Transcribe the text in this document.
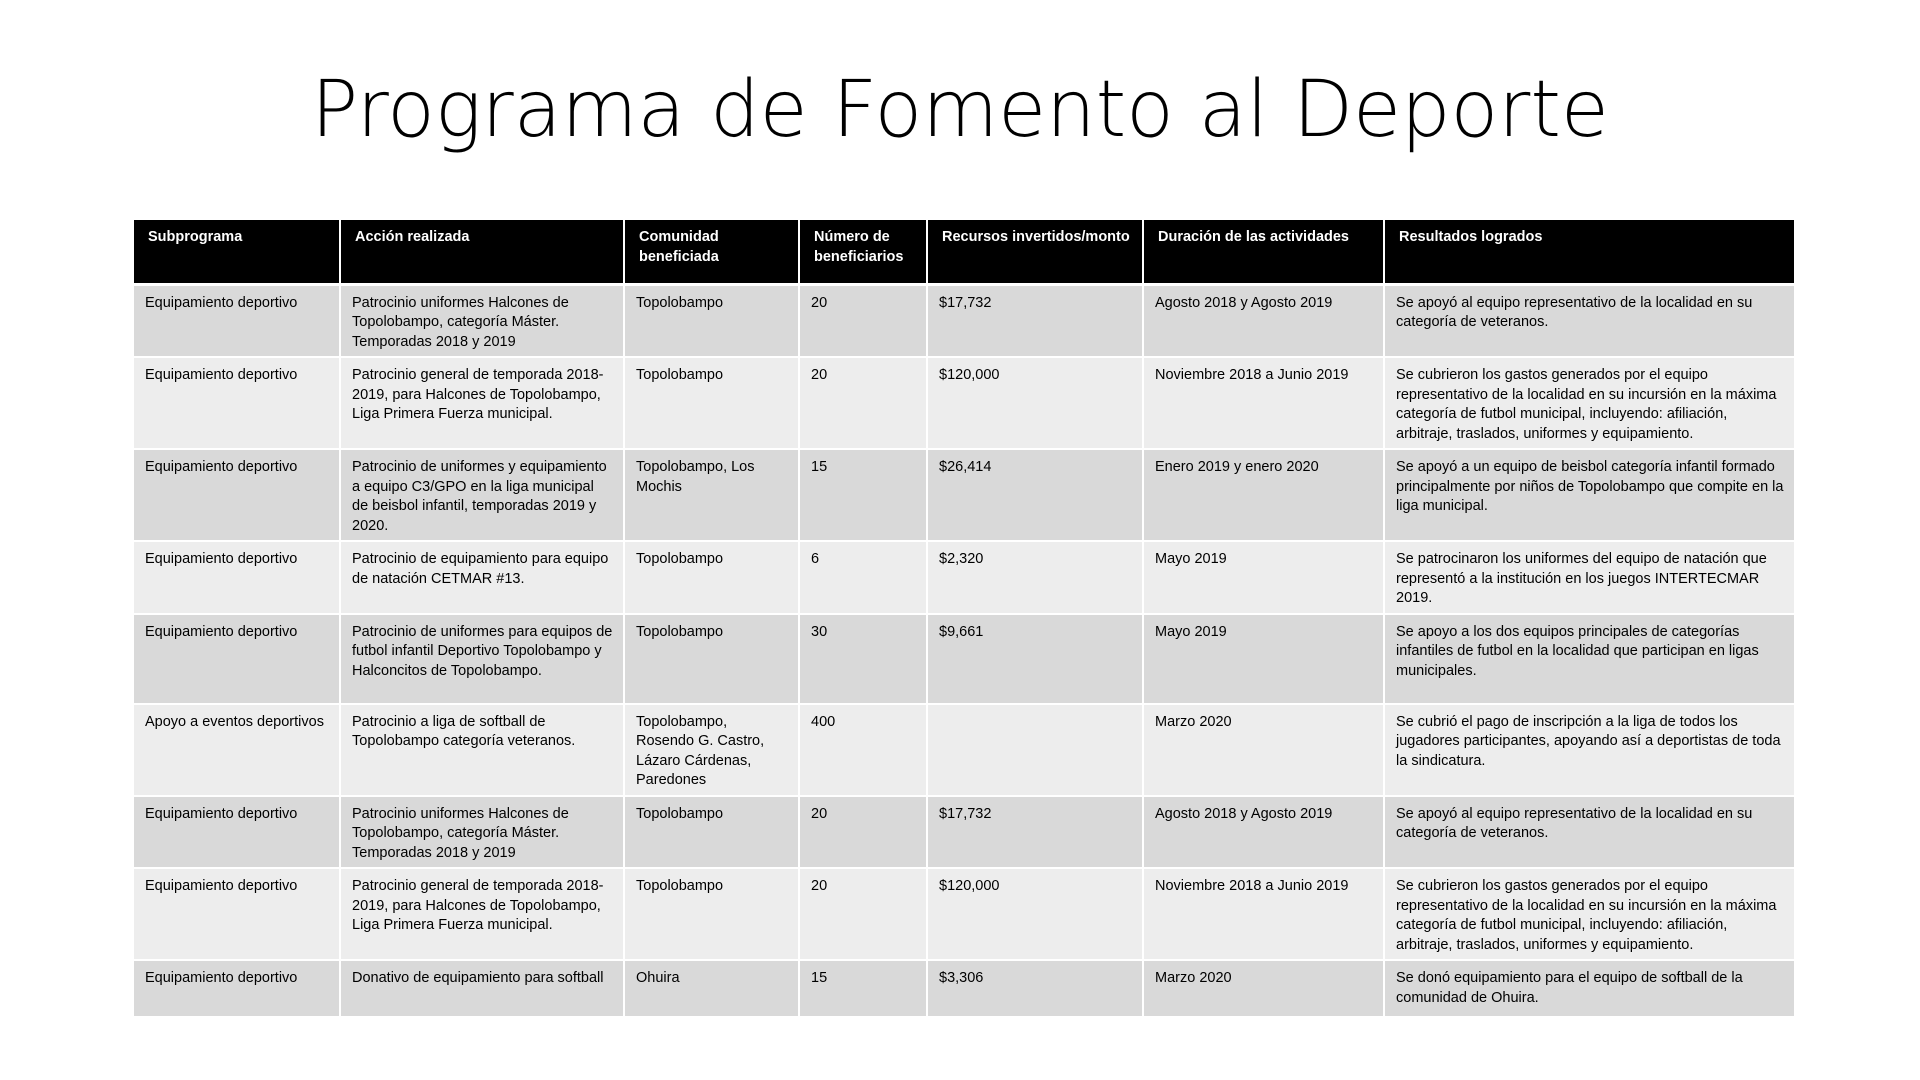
Programa de Fomento al Deporte
Subprograma	Acción realizada	Comunidad beneficiada	Número de beneficiarios	Recursos invertidos/monto	Duración de las actividades	Resultados logrados
Equipamiento deportivo	Patrocinio uniformes Halcones de Topolobampo, categoría Máster. Temporadas 2018 y 2019	Topolobampo	20	$17,732	Agosto 2018 y Agosto 2019	Se apoyó al equipo representativo de la localidad en su categoría de veteranos.
Equipamiento deportivo	Patrocinio general de temporada 2018-2019, para Halcones de Topolobampo, Liga Primera Fuerza municipal.	Topolobampo	20	$120,000	Noviembre 2018 a Junio 2019	Se cubrieron los gastos generados por el equipo representativo de la localidad en su incursión en la máxima categoría de futbol municipal, incluyendo: afiliación, arbitraje, traslados, uniformes y equipamiento.
Equipamiento deportivo	Patrocinio de uniformes y equipamiento a equipo C3/GPO en la liga municipal de beisbol infantil, temporadas 2019 y 2020.	Topolobampo, Los Mochis	15	$26,414	Enero 2019 y enero 2020	Se apoyó a un equipo de beisbol categoría infantil formado principalmente por niños de Topolobampo que compite en la liga municipal.
Equipamiento deportivo	Patrocinio de equipamiento para equipo de natación CETMAR #13.	Topolobampo	6	$2,320	Mayo 2019	Se patrocinaron los uniformes del equipo de natación que representó a la institución en los juegos INTERTECMAR 2019.
Equipamiento deportivo	Patrocinio de uniformes para equipos de futbol infantil Deportivo Topolobampo y Halconcitos de Topolobampo.	Topolobampo	30	$9,661	Mayo 2019	Se apoyo a los dos equipos principales de categorías infantiles de futbol en la localidad que participan en ligas municipales.
Apoyo a eventos deportivos	Patrocinio a liga de softball de Topolobampo categoría veteranos.	Topolobampo, Rosendo G. Castro, Lázaro Cárdenas, Paredones	400		Marzo 2020	Se cubrió el pago de inscripción a la liga de todos los jugadores participantes, apoyando así a deportistas de toda la sindicatura.
Equipamiento deportivo	Patrocinio uniformes Halcones de Topolobampo, categoría Máster. Temporadas 2018 y 2019	Topolobampo	20	$17,732	Agosto 2018 y Agosto 2019	Se apoyó al equipo representativo de la localidad en su categoría de veteranos.
Equipamiento deportivo	Patrocinio general de temporada 2018-2019, para Halcones de Topolobampo, Liga Primera Fuerza municipal.	Topolobampo	20	$120,000	Noviembre 2018 a Junio 2019	Se cubrieron los gastos generados por el equipo representativo de la localidad en su incursión en la máxima categoría de futbol municipal, incluyendo: afiliación, arbitraje, traslados, uniformes y equipamiento.
Equipamiento deportivo	Donativo de equipamiento para softball	Ohuira	15	$3,306	Marzo 2020	Se donó equipamiento para el equipo de softball de la comunidad de Ohuira.
